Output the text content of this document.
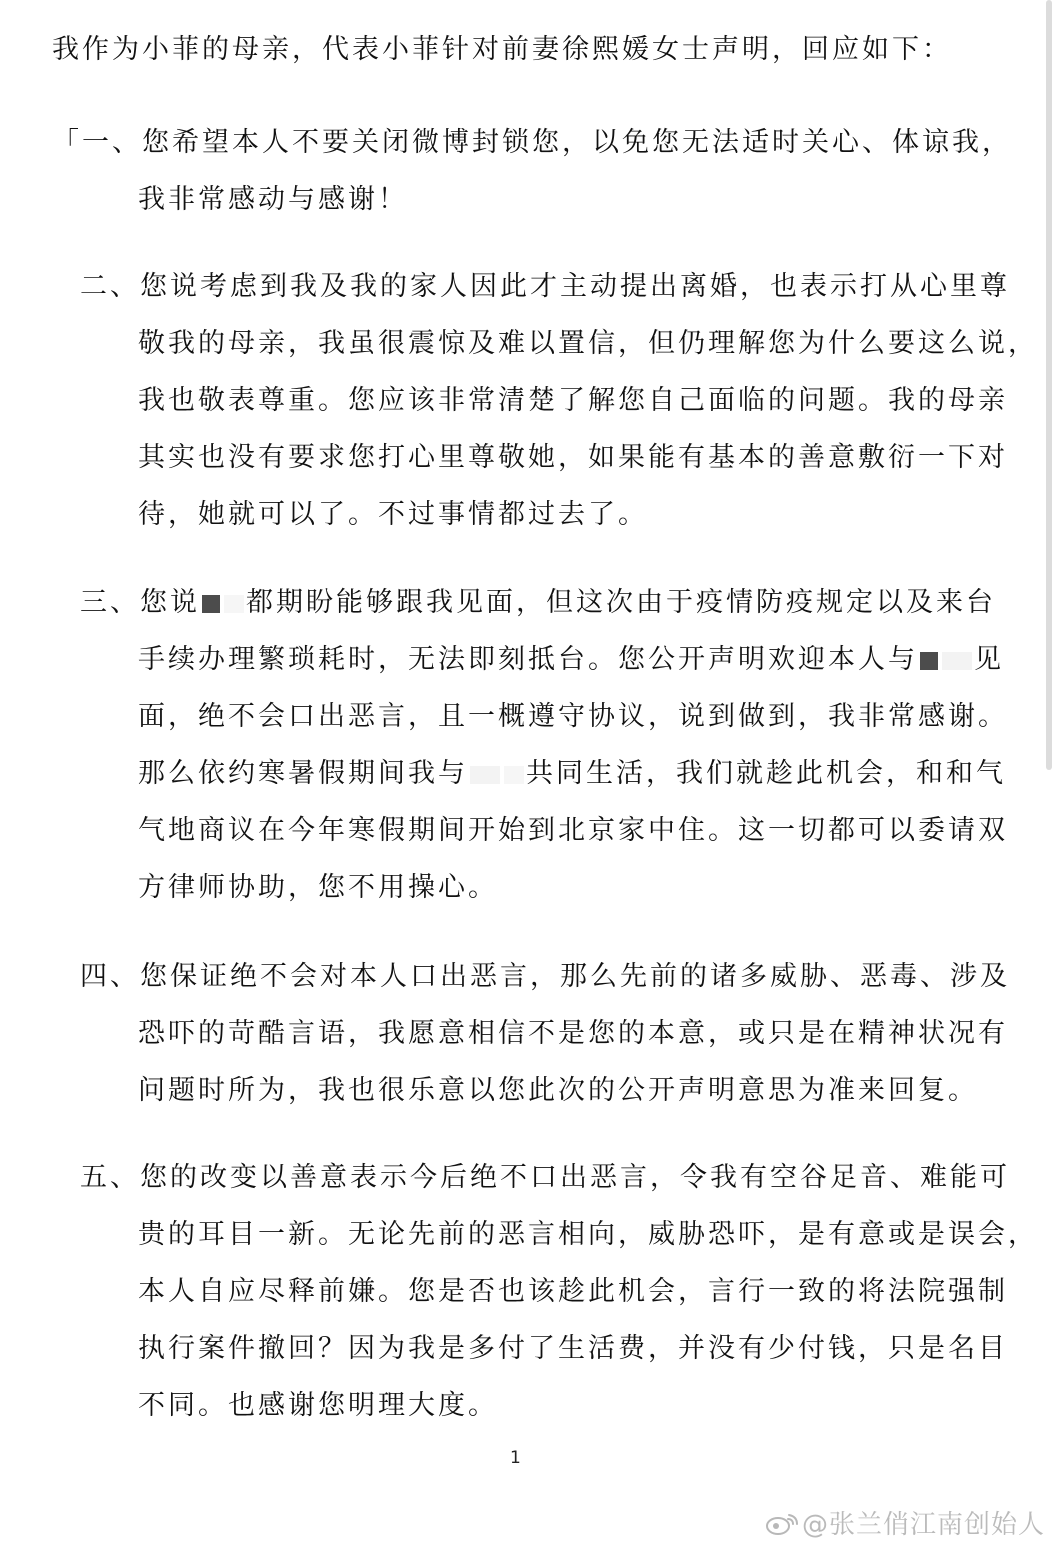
我作为小菲的母亲，代表小菲针对前妻徐熙媛女士声明，回应如下：
「一、您希望本人不要关闭微博封锁您，以免您无法适时关心、体谅我，
我非常感动与感谢！
二、您说考虑到我及我的家人因此才主动提出离婚，也表示打从心里尊
敬我的母亲，我虽很震惊及难以置信，但仍理解您为什么要这么说，
我也敬表尊重。您应该非常清楚了解您自己面临的问题。我的母亲
其实也没有要求您打心里尊敬她，如果能有基本的善意敷衍一下对
待，她就可以了。不过事情都过去了。
三、您说 都期盼能够跟我见面，但这次由于疫情防疫规定以及来台
手续办理繁琐耗时，无法即刻抵台。您公开声明欢迎本人与 见
面，绝不会口出恶言，且一概遵守协议，说到做到，我非常感谢。
那么依约寒暑假期间我与 共同生活，我们就趁此机会，和和气
气地商议在今年寒假期间开始到北京家中住。这一切都可以委请双
方律师协助，您不用操心。
四、您保证绝不会对本人口出恶言，那么先前的诸多威胁、恶毒、涉及
恐吓的苛酷言语，我愿意相信不是您的本意，或只是在精神状况有
问题时所为，我也很乐意以您此次的公开声明意思为准来回复。
五、您的改变以善意表示今后绝不口出恶言，令我有空谷足音、难能可
贵的耳目一新。无论先前的恶言相向，威胁恐吓，是有意或是误会，
本人自应尽释前嫌。您是否也该趁此机会，言行一致的将法院强制
执行案件撤回？因为我是多付了生活费，并没有少付钱，只是名目
不同。也感谢您明理大度。
1
@张兰俏江南创始人
